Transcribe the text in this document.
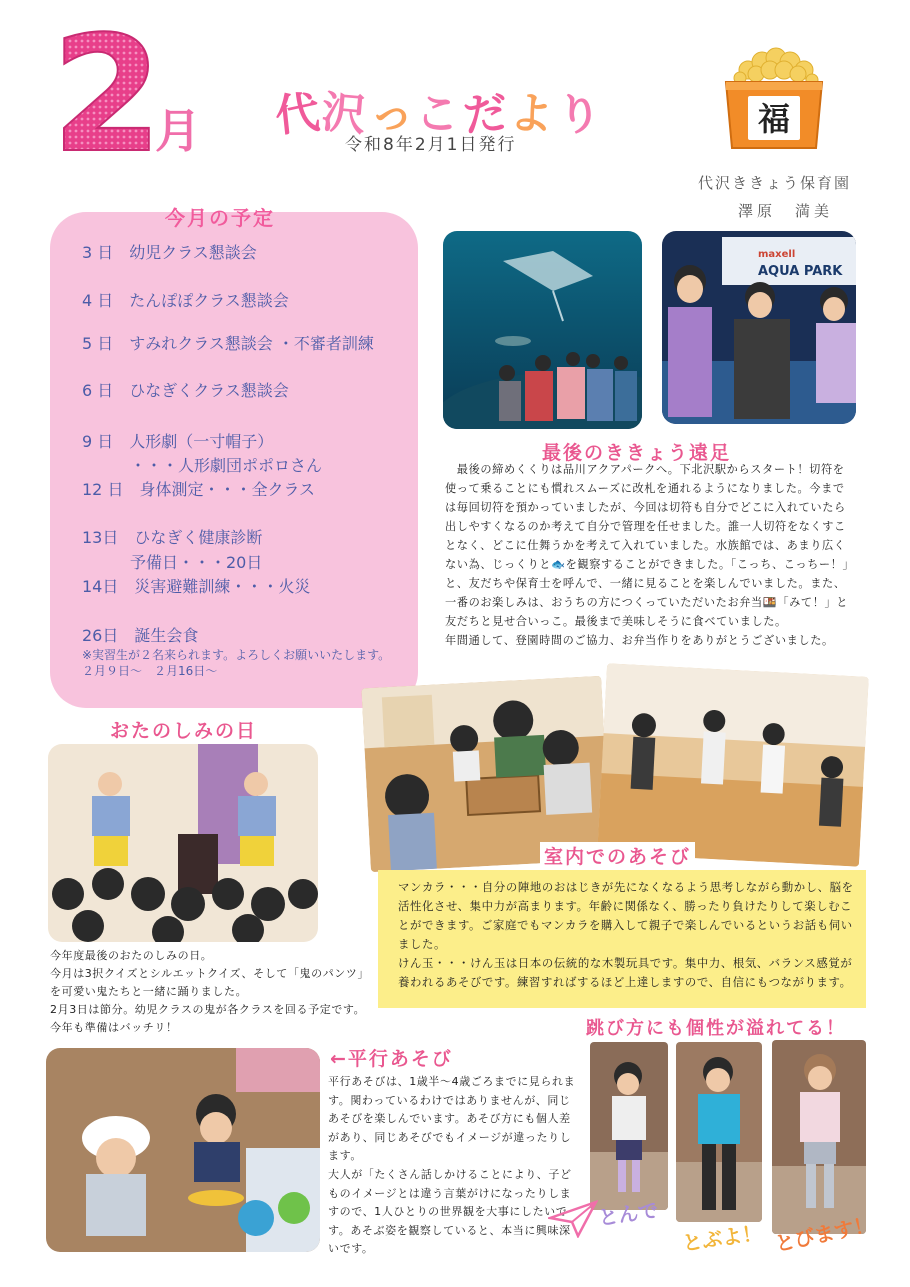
2
月 代沢っこだより
令和8年2月1日発行
福
代沢ききょう保育園
澤原　満美
今月の予定
3 日　幼児クラス懇談会
4 日　たんぽぽクラス懇談会
5 日　すみれクラス懇談会 ・不審者訓練
6 日　ひなぎくクラス懇談会
9 日　人形劇（一寸帽子）
　　　・・・人形劇団ポポロさん
12 日　身体測定・・・全クラス
13日　ひなぎく健康診断
　　　予備日・・・20日
14日　災害避難訓練・・・火災
26日　誕生会食
※実習生が２名来られます。よろしくお願いいたします。
２月９日～　２月16日～
maxell
AQUA PARK
最後のききょう遠足

　最後の締めくくりは品川アクアパークへ。下北沢駅からスタート！切符を使って乗ることにも慣れスムーズに改札を通れるようになりました。今までは毎回切符を預かっていましたが、今回は切符も自分でどこに入れていたら出しやすくなるのか考えて自分で管理を任せました。誰一人切符をなくすことなく、どこに仕舞うかを考えて入れていました。水族館では、あまり広くない為、じっくりと🐟を観察することができました。「こっち、こっちー！」と、友だちや保育士を呼んで、一緒に見ることを楽しんでいました。また、一番のお楽しみは、おうちの方につくっていただいたお弁当🍱「みて！」と友だちと見せ合いっこ。最後まで美味しそうに食べていました。

年間通して、登園時間のご協力、お弁当作りをありがとうございました。

室内でのあそび

マンカラ・・・自分の陣地のおはじきが先になくなるよう思考しながら動かし、脳を活性化させ、集中力が高まります。年齢に関係なく、勝ったり負けたりして楽しむことができます。ご家庭でもマンカラを購入して親子で楽しんでいるというお話も伺いました。

けん玉・・・けん玉は日本の伝統的な木製玩具です。集中力、根気、バランス感覚が養われるあそびです。練習すればするほど上達しますので、自信にもつながります。

おたのしみの日

今年度最後のおたのしみの日。

今月は3択クイズとシルエットクイズ、そして「鬼のパンツ」を可愛い鬼たちと一緒に踊りました。

2月3日は節分。幼児クラスの鬼が各クラスを回る予定です。今年も準備はバッチリ！

←平行あそび

平行あそびは、1歳半～4歳ごろまでに見られます。関わっているわけではありませんが、同じあそびを楽しんでいます。あそび方にも個人差があり、同じあそびでもイメージが違ったりします。

大人が「たくさん話しかけることにより、子どものイメージとは違う言葉がけになったりしますので、1人ひとりの世界観を大事にしたいです。あそぶ姿を観察していると、本当に興味深いです。

跳び方にも個性が溢れてる！
とんで
とぶよ！ とびます！
